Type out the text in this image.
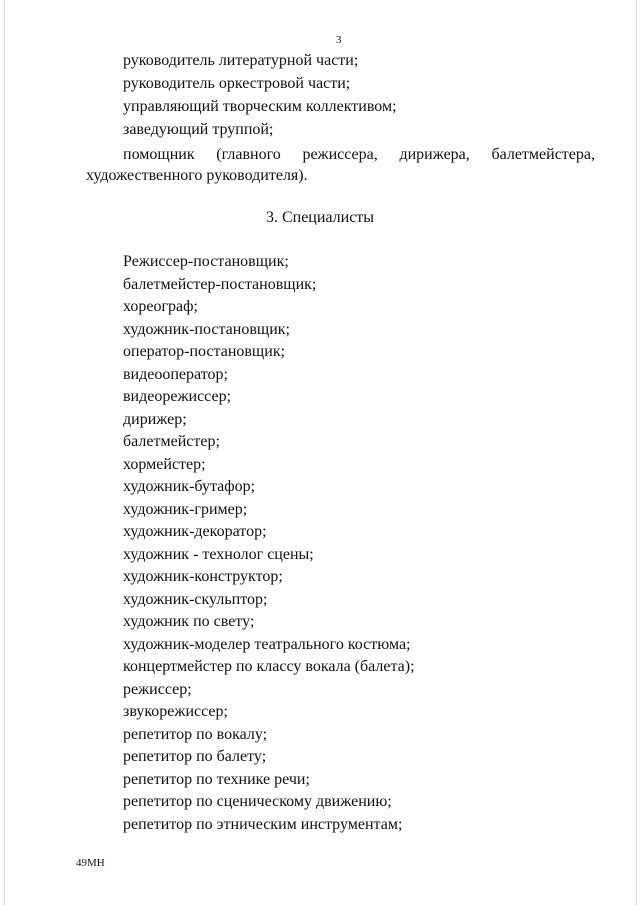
3
руководитель литературной части;
руководитель оркестровой части;
управляющий творческим коллективом;
заведующий труппой;
помощник (главного режиссера, дирижера, балетмейстера,
художественного руководителя).
3. Специалисты
Режиссер-постановщик;
балетмейстер-постановщик;
хореограф;
художник-постановщик;
оператор-постановщик;
видеооператор;
видеорежиссер;
дирижер;
балетмейстер;
хормейстер;
художник-бутафор;
художник-гример;
художник-декоратор;
художник - технолог сцены;
художник-конструктор;
художник-скульптор;
художник по свету;
художник-моделер театрального костюма;
концертмейстер по классу вокала (балета);
режиссер;
звукорежиссер;
репетитор по вокалу;
репетитор по балету;
репетитор по технике речи;
репетитор по сценическому движению;
репетитор по этническим инструментам;
49МН
